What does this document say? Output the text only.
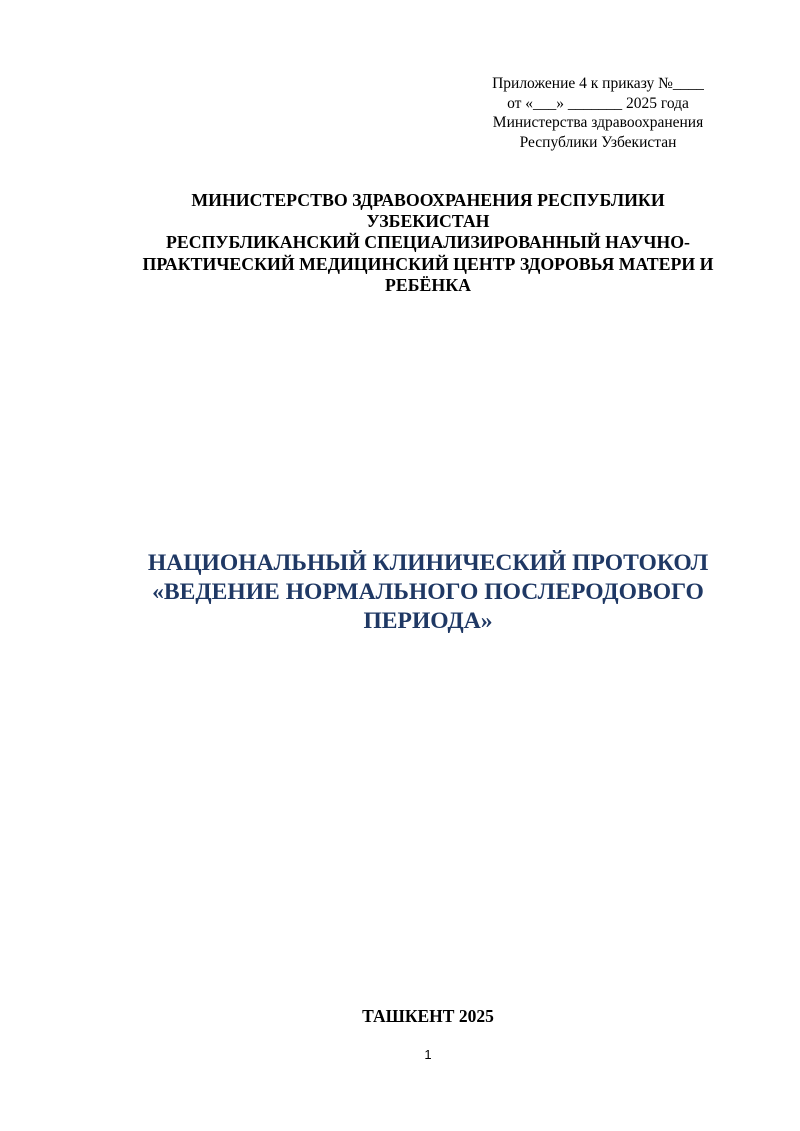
Приложение 4 к приказу №____
от «___» _______ 2025 года
Министерства здравоохранения
Республики Узбекистан
МИНИСТЕРСТВО ЗДРАВООХРАНЕНИЯ РЕСПУБЛИКИ
УЗБЕКИСТАН
РЕСПУБЛИКАНСКИЙ СПЕЦИАЛИЗИРОВАННЫЙ НАУЧНО-
ПРАКТИЧЕСКИЙ МЕДИЦИНСКИЙ ЦЕНТР ЗДОРОВЬЯ МАТЕРИ И
РЕБЁНКА
НАЦИОНАЛЬНЫЙ КЛИНИЧЕСКИЙ ПРОТОКОЛ
«ВЕДЕНИЕ НОРМАЛЬНОГО ПОСЛЕРОДОВОГО
ПЕРИОДА»
ТАШКЕНТ 2025
1
